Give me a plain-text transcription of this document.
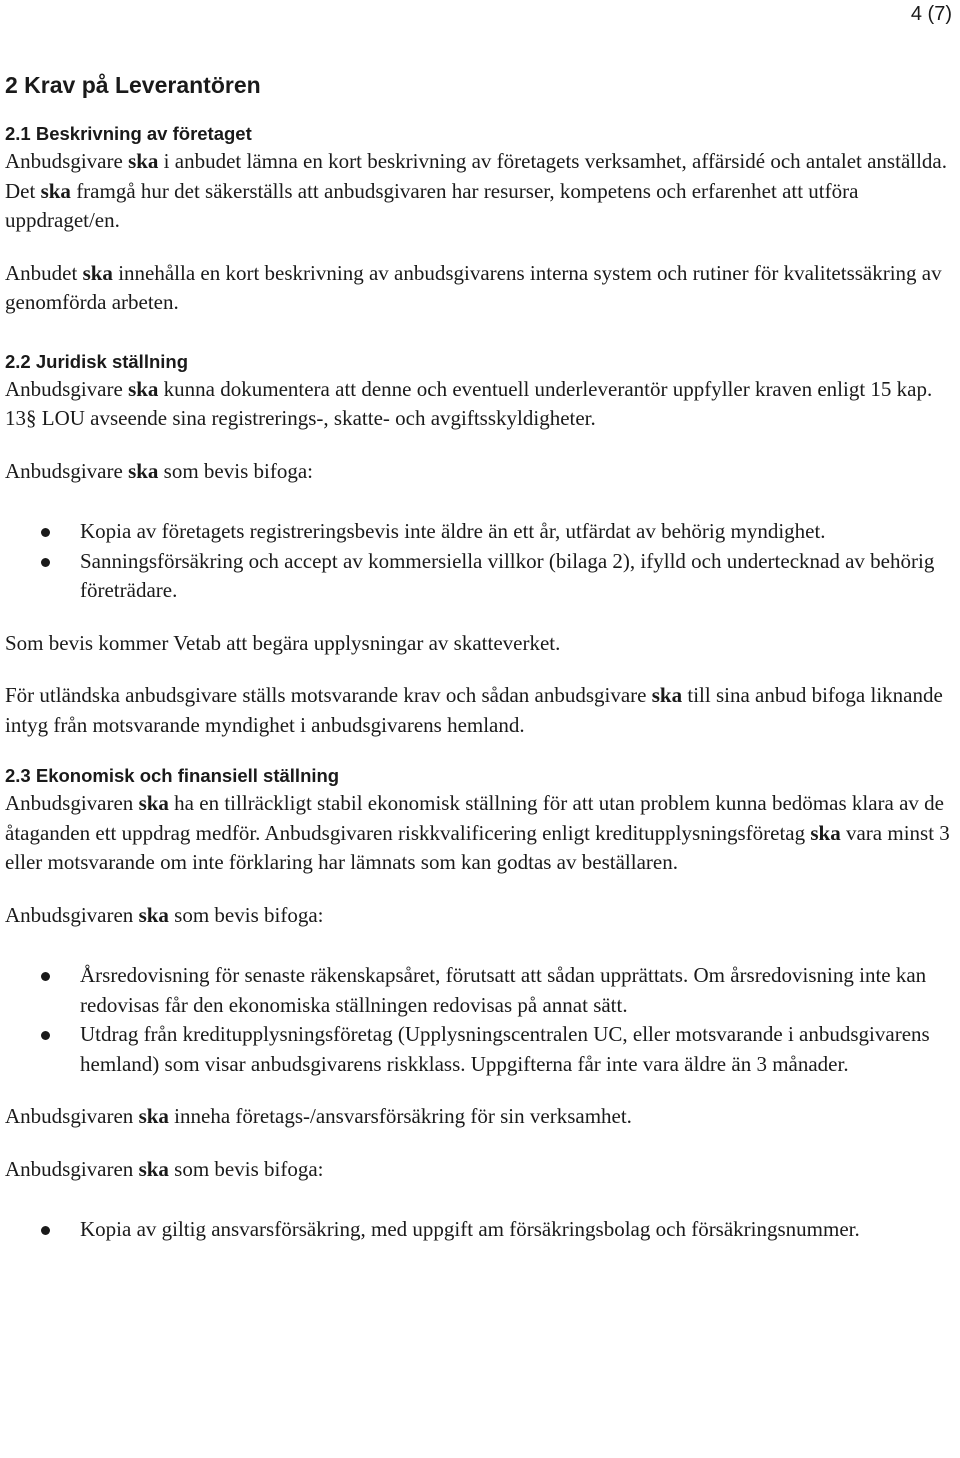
4 (7)
2 Krav på Leverantören
2.1 Beskrivning av företaget

Anbudsgivare ska i anbudet lämna en kort beskrivning av företagets verksamhet, affärsidé och antalet anställda. Det ska framgå hur det säkerställs att anbudsgivaren har resurser, kompetens och erfarenhet att utföra uppdraget/en.

Anbudet ska innehålla en kort beskrivning av anbudsgivarens interna system och rutiner för kvalitetssäkring av genomförda arbeten.

2.2 Juridisk ställning

Anbudsgivare ska kunna dokumentera att denne och eventuell underleverantör uppfyller kraven enligt 15 kap. 13§ LOU avseende sina registrerings-, skatte- och avgiftsskyldigheter.

Anbudsgivare ska som bevis bifoga:

Kopia av företagets registreringsbevis inte äldre än ett år, utfärdat av behörig myndighet.
Sanningsförsäkring och accept av kommersiella villkor (bilaga 2), ifylld och undertecknad av behörig företrädare.

Som bevis kommer Vetab att begära upplysningar av skatteverket.

För utländska anbudsgivare ställs motsvarande krav och sådan anbudsgivare ska till sina anbud bifoga liknande intyg från motsvarande myndighet i anbudsgivarens hemland.

2.3 Ekonomisk och finansiell ställning

Anbudsgivaren ska ha en tillräckligt stabil ekonomisk ställning för att utan problem kunna bedömas klara av de åtaganden ett uppdrag medför. Anbudsgivaren riskkvalificering enligt kreditupplysningsföretag ska vara minst 3 eller motsvarande om inte förklaring har lämnats som kan godtas av beställaren.

Anbudsgivaren ska som bevis bifoga:

Årsredovisning för senaste räkenskapsåret, förutsatt att sådan upprättats. Om årsredovisning inte kan redovisas får den ekonomiska ställningen redovisas på annat sätt.
Utdrag från kreditupplysningsföretag (Upplysningscentralen UC, eller motsvarande i anbudsgivarens hemland) som visar anbudsgivarens riskklass. Uppgifterna får inte vara äldre än 3 månader.

Anbudsgivaren ska inneha företags-/ansvarsförsäkring för sin verksamhet.

Anbudsgivaren ska som bevis bifoga:

Kopia av giltig ansvarsförsäkring, med uppgift am försäkringsbolag och försäkringsnummer.
